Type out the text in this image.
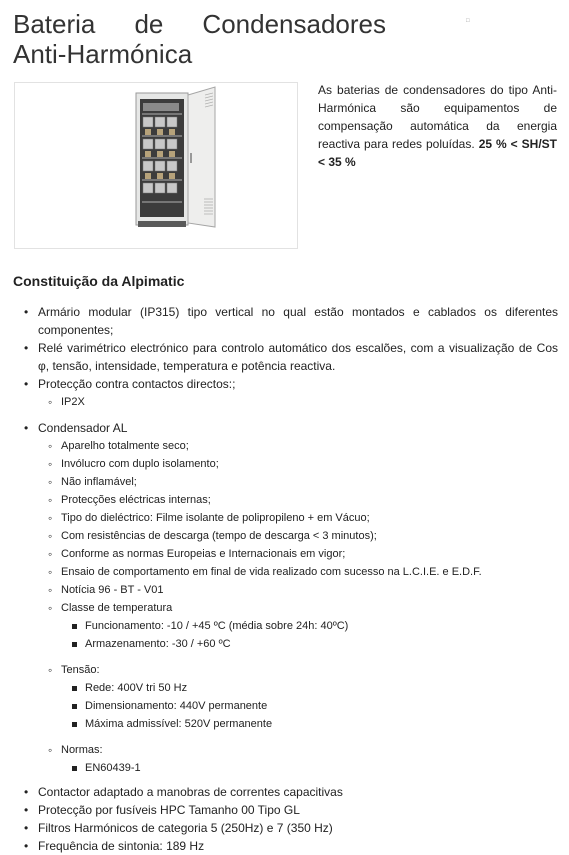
Bateria de Condensadores
Anti-Harmónica
□

As baterias de condensadores do tipo Anti-Harmónica são equipamentos de compensação automática da energia reactiva para redes poluídas. 25 % < SH/ST < 35 %

Constituição da Alpimatic
• Armário modular (IP315) tipo vertical no qual estão montados e cablados os diferentes componentes;
• Relé varimétrico electrónico para controlo automático dos escalões, com a visualização de Cos φ, tensão, intensidade, temperatura e potência reactiva.
• Protecção contra contactos directos:;
◦ IP2X
• Condensador AL
◦ Aparelho totalmente seco;
◦ Invólucro com duplo isolamento;
◦ Não inflamável;
◦ Protecções eléctricas internas;
◦ Tipo do dieléctrico: Filme isolante de polipropileno + em Vácuo;
◦ Com resistências de descarga (tempo de descarga < 3 minutos);
◦ Conforme as normas Europeias e Internacionais em vigor;
◦ Ensaio de comportamento em final de vida realizado com sucesso na L.C.I.E. e E.D.F.
◦ Notícia 96 - BT - V01
◦ Classe de temperatura
Funcionamento: -10 / +45 ºC (média sobre 24h: 40ºC)
Armazenamento: -30 / +60 ºC
◦ Tensão:
Rede: 400V tri 50 Hz
Dimensionamento: 440V permanente
Máxima admissível: 520V permanente
◦ Normas:
EN60439-1
• Contactor adaptado a manobras de correntes capacitivas
• Protecção por fusíveis HPC Tamanho 00 Tipo GL
• Filtros Harmónicos de categoria 5 (250Hz) e 7 (350 Hz)
• Frequência de sintonia: 189 Hz
